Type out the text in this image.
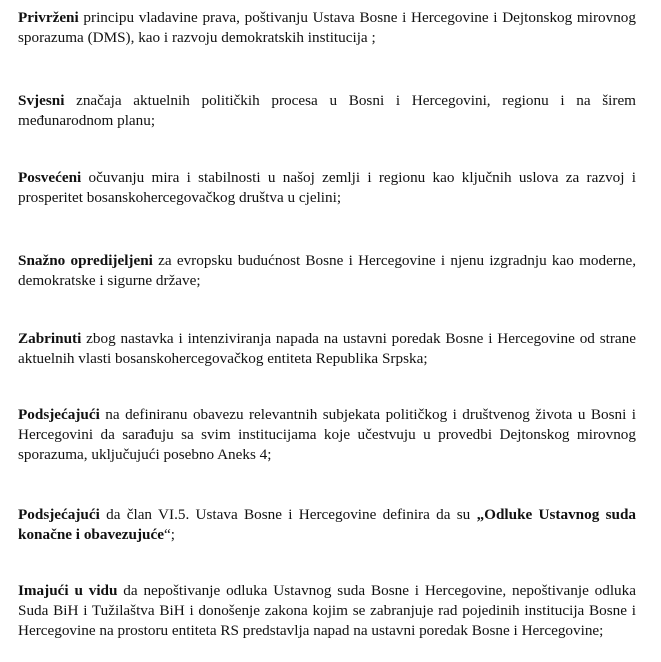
Privrženi principu vladavine prava, poštivanju Ustava Bosne i Hercegovine i Dejtonskog mirovnog sporazuma (DMS), kao i razvoju demokratskih institucija ;

Svjesni značaja aktuelnih političkih procesa u Bosni i Hercegovini, regionu i na širem međunarodnom planu;

Posvećeni očuvanju mira i stabilnosti u našoj zemlji i regionu kao ključnih uslova za razvoj i prosperitet bosanskohercegovačkog društva u cjelini;

Snažno opredijeljeni za evropsku budućnost Bosne i Hercegovine i njenu izgradnju kao moderne, demokratske i sigurne države;

Zabrinuti zbog nastavka i intenziviranja napada na ustavni poredak Bosne i Hercegovine od strane aktuelnih vlasti bosanskohercegovačkog entiteta Republika Srpska;

Podsjećajući na definiranu obavezu relevantnih subjekata političkog i društvenog života u Bosni i Hercegovini da sarađuju sa svim institucijama koje učestvuju u provedbi Dejtonskog mirovnog sporazuma, uključujući posebno Aneks 4;

Podsjećajući da član VI.5. Ustava Bosne i Hercegovine definira da su „Odluke Ustavnog suda konačne i obavezujuće“;

Imajući u vidu da nepoštivanje odluka Ustavnog suda Bosne i Hercegovine, nepoštivanje odluka Suda BiH i Tužilaštva BiH i donošenje zakona kojim se zabranjuje rad pojedinih institucija Bosne i Hercegovine na prostoru entiteta RS predstavlja napad na ustavni poredak Bosne i Hercegovine;
